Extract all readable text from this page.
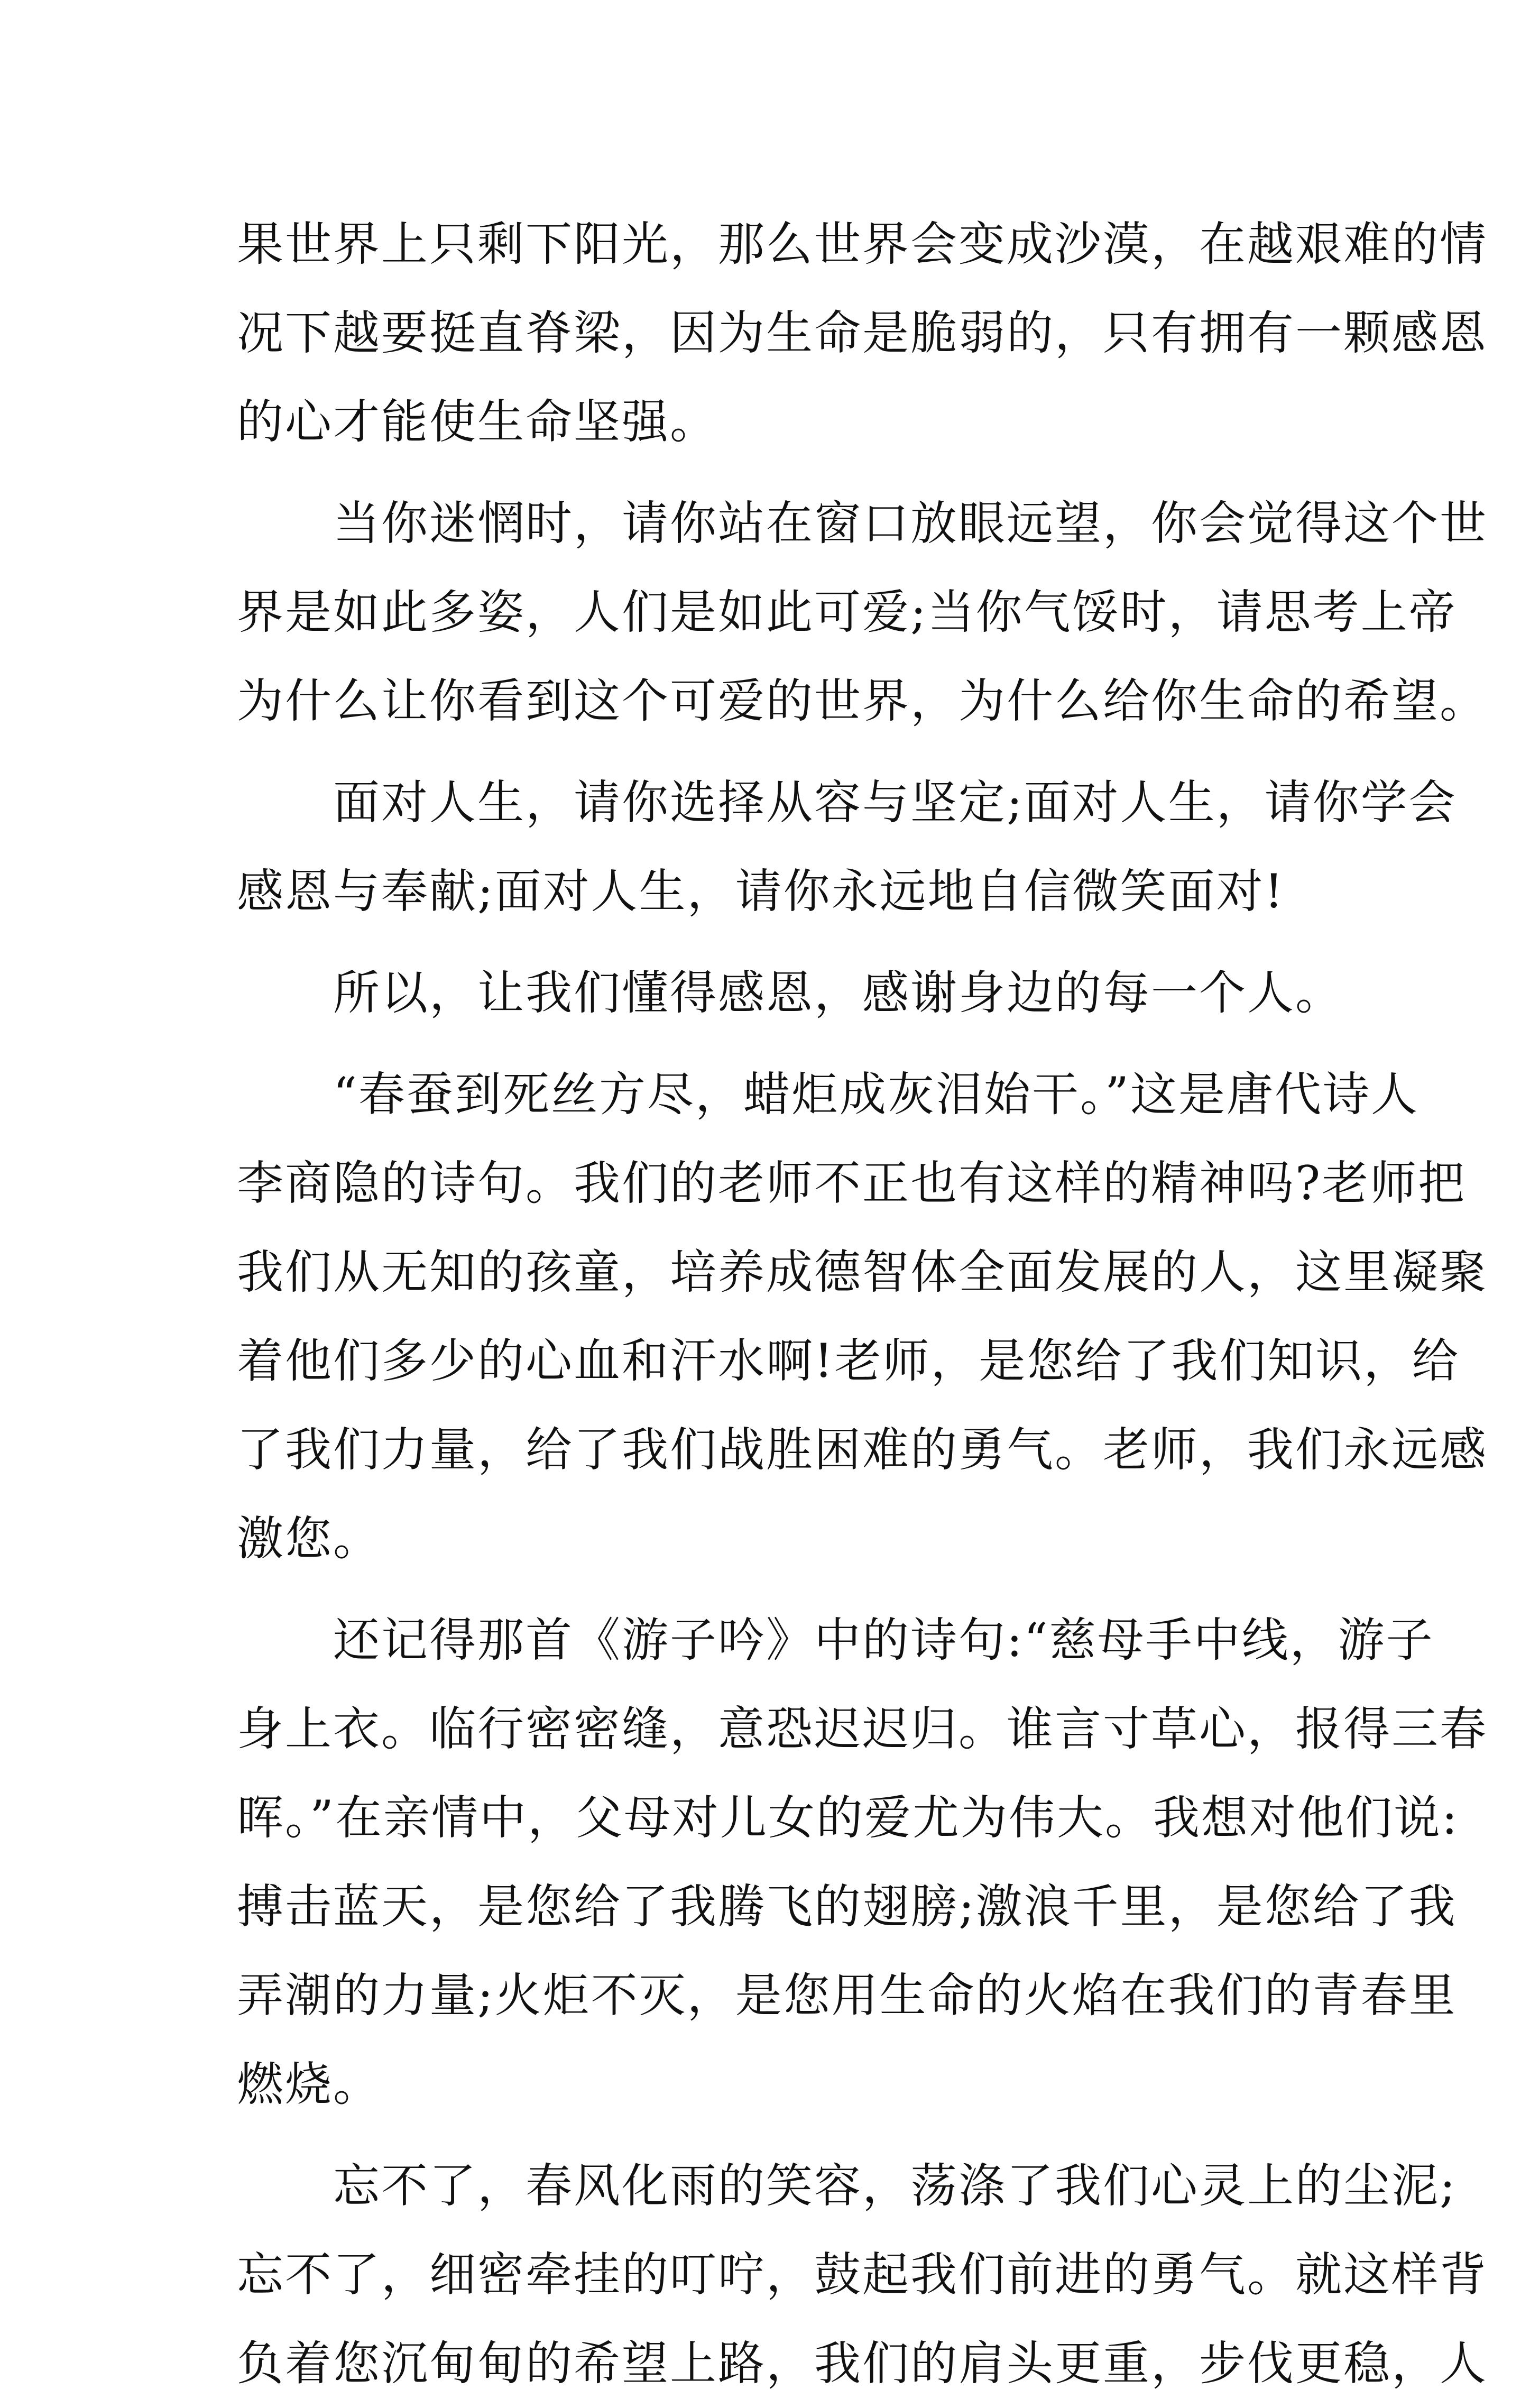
果世界上只剩下阳光，那么世界会变成沙漠，在越艰难的情
况下越要挺直脊梁，因为生命是脆弱的，只有拥有一颗感恩
的心才能使生命坚强。
　　当你迷惘时，请你站在窗口放眼远望，你会觉得这个世
界是如此多姿，人们是如此可爱;当你气馁时，请思考上帝
为什么让你看到这个可爱的世界，为什么给你生命的希望。
　　面对人生，请你选择从容与坚定;面对人生，请你学会
感恩与奉献;面对人生，请你永远地自信微笑面对!
　　所以，让我们懂得感恩，感谢身边的每一个人。
　　“春蚕到死丝方尽，蜡炬成灰泪始干。”这是唐代诗人
李商隐的诗句。我们的老师不正也有这样的精神吗?老师把
我们从无知的孩童，培养成德智体全面发展的人，这里凝聚
着他们多少的心血和汗水啊!老师，是您给了我们知识，给
了我们力量，给了我们战胜困难的勇气。老师，我们永远感
激您。
　　还记得那首《游子吟》中的诗句:“慈母手中线，游子
身上衣。临行密密缝，意恐迟迟归。谁言寸草心，报得三春
晖。”在亲情中，父母对儿女的爱尤为伟大。我想对他们说:
搏击蓝天，是您给了我腾飞的翅膀;激浪千里，是您给了我
弄潮的力量;火炬不灭，是您用生命的火焰在我们的青春里
燃烧。
　　忘不了，春风化雨的笑容，荡涤了我们心灵上的尘泥;
忘不了，细密牵挂的叮咛，鼓起我们前进的勇气。就这样背
负着您沉甸甸的希望上路，我们的肩头更重，步伐更稳，人
